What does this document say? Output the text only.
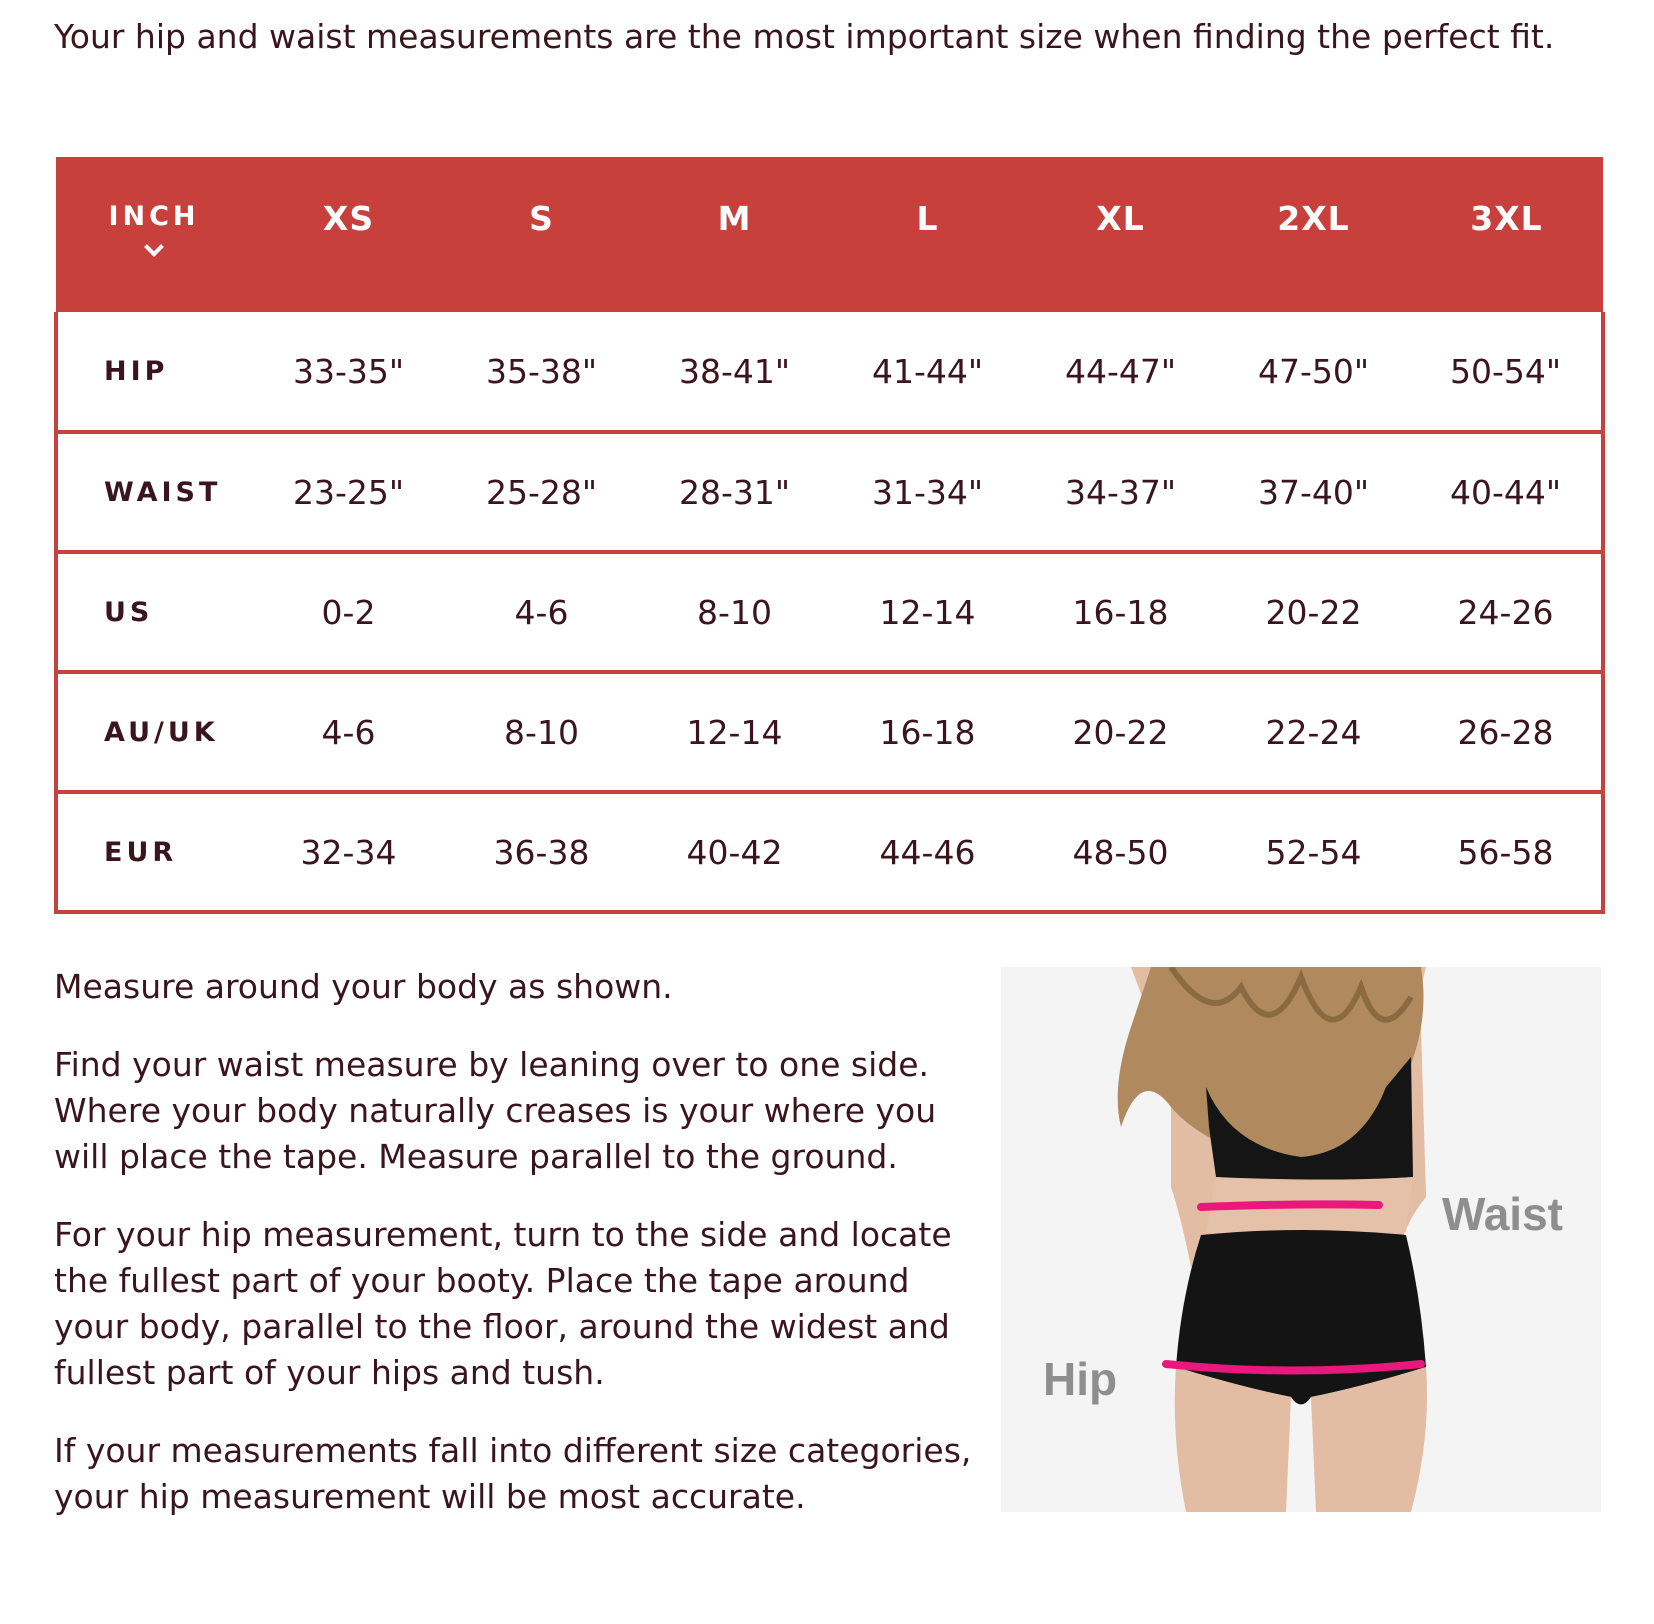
Your hip and waist measurements are the most important size when finding the perfect fit.

INCH	XS	S	M	L	XL	2XL	3XL
HIP	33-35"	35-38"	38-41"	41-44"	44-47"	47-50"	50-54"
WAIST	23-25"	25-28"	28-31"	31-34"	34-37"	37-40"	40-44"
US	0-2	4-6	8-10	12-14	16-18	20-22	24-26
AU/UK	4-6	8-10	12-14	16-18	20-22	22-24	26-28
EUR	32-34	36-38	40-42	44-46	48-50	52-54	56-58

Measure around your body as shown.

Find your waist measure by leaning over to one side. Where your body naturally creases is your where you will place the tape. Measure parallel to the ground.

For your hip measurement, turn to the side and locate the fullest part of your booty. Place the tape around your body, parallel to the floor, around the widest and fullest part of your hips and tush.

If your measurements fall into different size categories, your hip measurement will be most accurate.

Waist
Hip
